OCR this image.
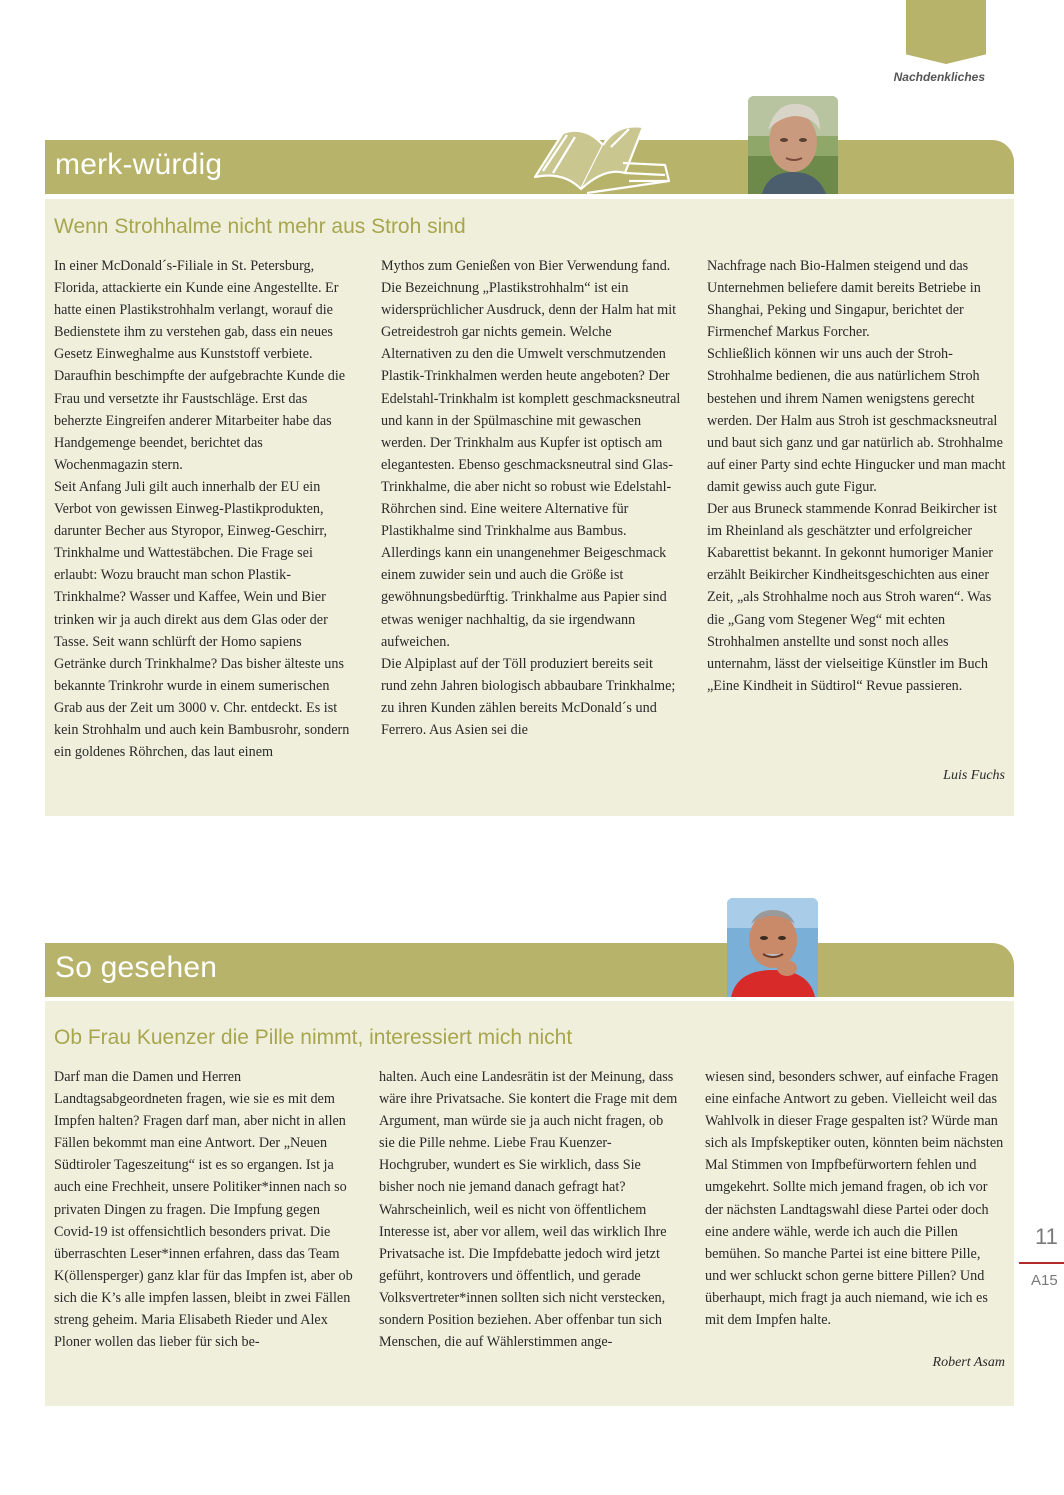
Nachdenkliches
merk-würdig
Wenn Strohhalme nicht mehr aus Stroh sind

In einer McDonald´s-Filiale in St. Petersburg, Florida, attackierte ein Kunde eine Angestellte. Er hatte einen Plastikstrohhalm verlangt, worauf die Bedienstete ihm zu verstehen gab, dass ein neues Gesetz Einweghalme aus Kunststoff verbiete. Daraufhin beschimpfte der aufgebrachte Kunde die Frau und versetzte ihr Faustschläge. Erst das beherzte Eingreifen anderer Mitarbeiter habe das Handgemenge beendet, berichtet das Wochenmagazin stern.

Seit Anfang Juli gilt auch innerhalb der EU ein Verbot von gewissen Einweg-Plastikprodukten, darunter Becher aus Styropor, Einweg-Geschirr, Trinkhalme und Wattestäbchen. Die Frage sei erlaubt: Wozu braucht man schon Plastik-Trinkhalme? Wasser und Kaffee, Wein und Bier trinken wir ja auch direkt aus dem Glas oder der Tasse. Seit wann schlürft der Homo sapiens Getränke durch Trinkhalme? Das bisher älteste uns bekannte Trinkrohr wurde in einem sumerischen Grab aus der Zeit um 3000 v. Chr. entdeckt. Es ist kein Strohhalm und auch kein Bambusrohr, sondern ein goldenes Röhrchen, das laut einem

Mythos zum Genießen von Bier Verwendung fand.

Die Bezeichnung „Plastikstrohhalm“ ist ein widersprüchlicher Ausdruck, denn der Halm hat mit Getreidestroh gar nichts gemein. Welche Alternativen zu den die Umwelt verschmutzenden Plastik-Trinkhalmen werden heute angeboten? Der Edelstahl-Trinkhalm ist komplett geschmacksneutral und kann in der Spülmaschine mit gewaschen werden. Der Trinkhalm aus Kupfer ist optisch am elegantesten. Ebenso geschmacksneutral sind Glas-Trinkhalme, die aber nicht so robust wie Edelstahl-Röhrchen sind. Eine weitere Alternative für Plastikhalme sind Trinkhalme aus Bambus. Allerdings kann ein unangenehmer Beigeschmack einem zuwider sein und auch die Größe ist gewöhnungsbedürftig. Trinkhalme aus Papier sind etwas weniger nachhaltig, da sie irgendwann aufweichen.

Die Alpiplast auf der Töll produziert bereits seit rund zehn Jahren biologisch abbaubare Trinkhalme; zu ihren Kunden zählen bereits McDonald´s und Ferrero. Aus Asien sei die

Nachfrage nach Bio-Halmen steigend und das Unternehmen beliefere damit bereits Betriebe in Shanghai, Peking und Singapur, berichtet der Firmenchef Markus Forcher.

Schließlich können wir uns auch der Stroh-Strohhalme bedienen, die aus natürlichem Stroh bestehen und ihrem Namen wenigstens gerecht werden. Der Halm aus Stroh ist geschmacksneutral und baut sich ganz und gar natürlich ab. Strohhalme auf einer Party sind echte Hingucker und man macht damit gewiss auch gute Figur.

Der aus Bruneck stammende Konrad Beikircher ist im Rheinland als geschätzter und erfolgreicher Kabarettist bekannt. In gekonnt humoriger Manier erzählt Beikircher Kindheitsgeschichten aus einer Zeit, „als Strohhalme noch aus Stroh waren“. Was die „Gang vom Stegener Weg“ mit echten Strohhalmen anstellte und sonst noch alles unternahm, lässt der vielseitige Künstler im Buch „Eine Kindheit in Südtirol“ Revue passieren.

Luis Fuchs
So gesehen
Ob Frau Kuenzer die Pille nimmt, interessiert mich nicht

Darf man die Damen und Herren Landtagsabgeordneten fragen, wie sie es mit dem Impfen halten? Fragen darf man, aber nicht in allen Fällen bekommt man eine Antwort. Der „Neuen Südtiroler Tageszeitung“ ist es so ergangen. Ist ja auch eine Frechheit, unsere Politiker*innen nach so privaten Dingen zu fragen. Die Impfung gegen Covid-19 ist offensichtlich besonders privat. Die überraschten Leser*innen erfahren, dass das Team K(öllensperger) ganz klar für das Impfen ist, aber ob sich die K’s alle impfen lassen, bleibt in zwei Fällen streng geheim. Maria Elisabeth Rieder und Alex Ploner wollen das lieber für sich be-

halten. Auch eine Landesrätin ist der Meinung, dass wäre ihre Privatsache. Sie kontert die Frage mit dem Argument, man würde sie ja auch nicht fragen, ob sie die Pille nehme. Liebe Frau Kuenzer-Hochgruber, wundert es Sie wirklich, dass Sie bisher noch nie jemand danach gefragt hat? Wahrscheinlich, weil es nicht von öffentlichem Interesse ist, aber vor allem, weil das wirklich Ihre Privatsache ist. Die Impfdebatte jedoch wird jetzt geführt, kontrovers und öffentlich, und gerade Volksvertreter*innen sollten sich nicht verstecken, sondern Position beziehen. Aber offenbar tun sich Menschen, die auf Wählerstimmen ange-

wiesen sind, besonders schwer, auf einfache Fragen eine einfache Antwort zu geben. Vielleicht weil das Wahlvolk in dieser Frage gespalten ist? Würde man sich als Impfskeptiker outen, könnten beim nächsten Mal Stimmen von Impfbefürwortern fehlen und umgekehrt. Sollte mich jemand fragen, ob ich vor der nächsten Landtagswahl diese Partei oder doch eine andere wähle, werde ich auch die Pillen bemühen. So manche Partei ist eine bittere Pille, und wer schluckt schon gerne bittere Pillen? Und überhaupt, mich fragt ja auch niemand, wie ich es mit dem Impfen halte.

Robert Asam
11
A15
